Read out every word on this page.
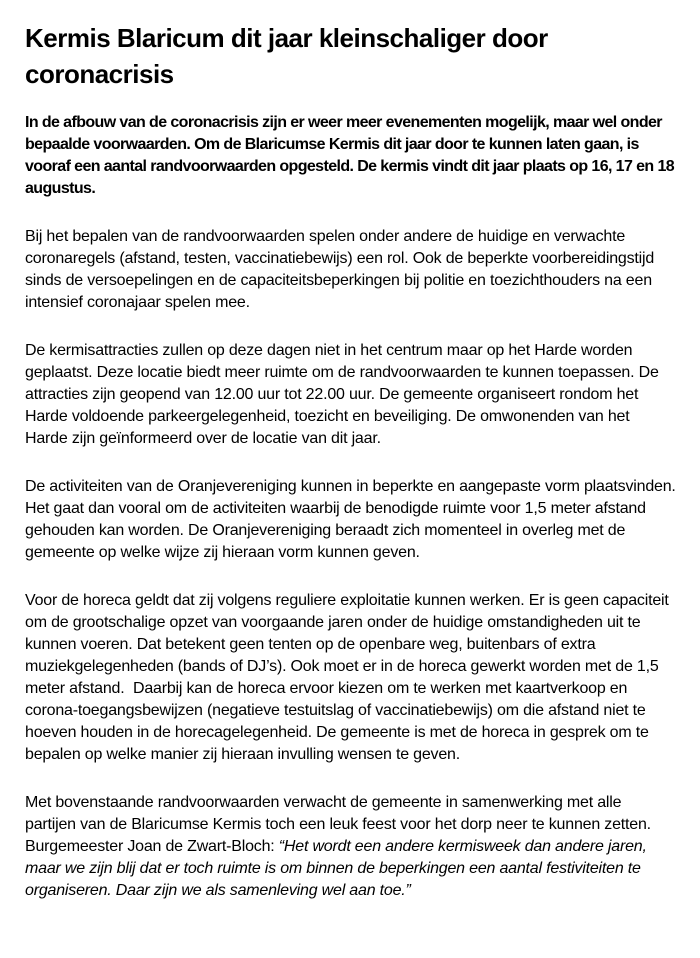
Kermis Blaricum dit jaar kleinschaliger door coronacrisis

In de afbouw van de coronacrisis zijn er weer meer evenementen mogelijk, maar wel onder bepaalde voorwaarden. Om de Blaricumse Kermis dit jaar door te kunnen laten gaan, is vooraf een aantal randvoorwaarden opgesteld. De kermis vindt dit jaar plaats op 16, 17 en 18 augustus.

Bij het bepalen van de randvoorwaarden spelen onder andere de huidige en verwachte coronaregels (afstand, testen, vaccinatiebewijs) een rol. Ook de beperkte voorbereidingstijd sinds de versoepelingen en de capaciteitsbeperkingen bij politie en toezichthouders na een intensief coronajaar spelen mee.

De kermisattracties zullen op deze dagen niet in het centrum maar op het Harde worden geplaatst. Deze locatie biedt meer ruimte om de randvoorwaarden te kunnen toepassen. De attracties zijn geopend van 12.00 uur tot 22.00 uur. De gemeente organiseert rondom het Harde voldoende parkeergelegenheid, toezicht en beveiliging. De omwonenden van het Harde zijn geïnformeerd over de locatie van dit jaar.

De activiteiten van de Oranjevereniging kunnen in beperkte en aangepaste vorm plaatsvinden. Het gaat dan vooral om de activiteiten waarbij de benodigde ruimte voor 1,5 meter afstand gehouden kan worden. De Oranjevereniging beraadt zich momenteel in overleg met de gemeente op welke wijze zij hieraan vorm kunnen geven.

Voor de horeca geldt dat zij volgens reguliere exploitatie kunnen werken. Er is geen capaciteit om de grootschalige opzet van voorgaande jaren onder de huidige omstandigheden uit te kunnen voeren. Dat betekent geen tenten op de openbare weg, buitenbars of extra muziekgelegenheden (bands of DJ’s). Ook moet er in de horeca gewerkt worden met de 1,5 meter afstand.  Daarbij kan de horeca ervoor kiezen om te werken met kaartverkoop en corona-toegangsbewijzen (negatieve testuitslag of vaccinatiebewijs) om die afstand niet te hoeven houden in de horecagelegenheid. De gemeente is met de horeca in gesprek om te bepalen op welke manier zij hieraan invulling wensen te geven.

Met bovenstaande randvoorwaarden verwacht de gemeente in samenwerking met alle partijen van de Blaricumse Kermis toch een leuk feest voor het dorp neer te kunnen zetten.
Burgemeester Joan de Zwart-Bloch: “Het wordt een andere kermisweek dan andere jaren, maar we zijn blij dat er toch ruimte is om binnen de beperkingen een aantal festiviteiten te organiseren. Daar zijn we als samenleving wel aan toe.”
